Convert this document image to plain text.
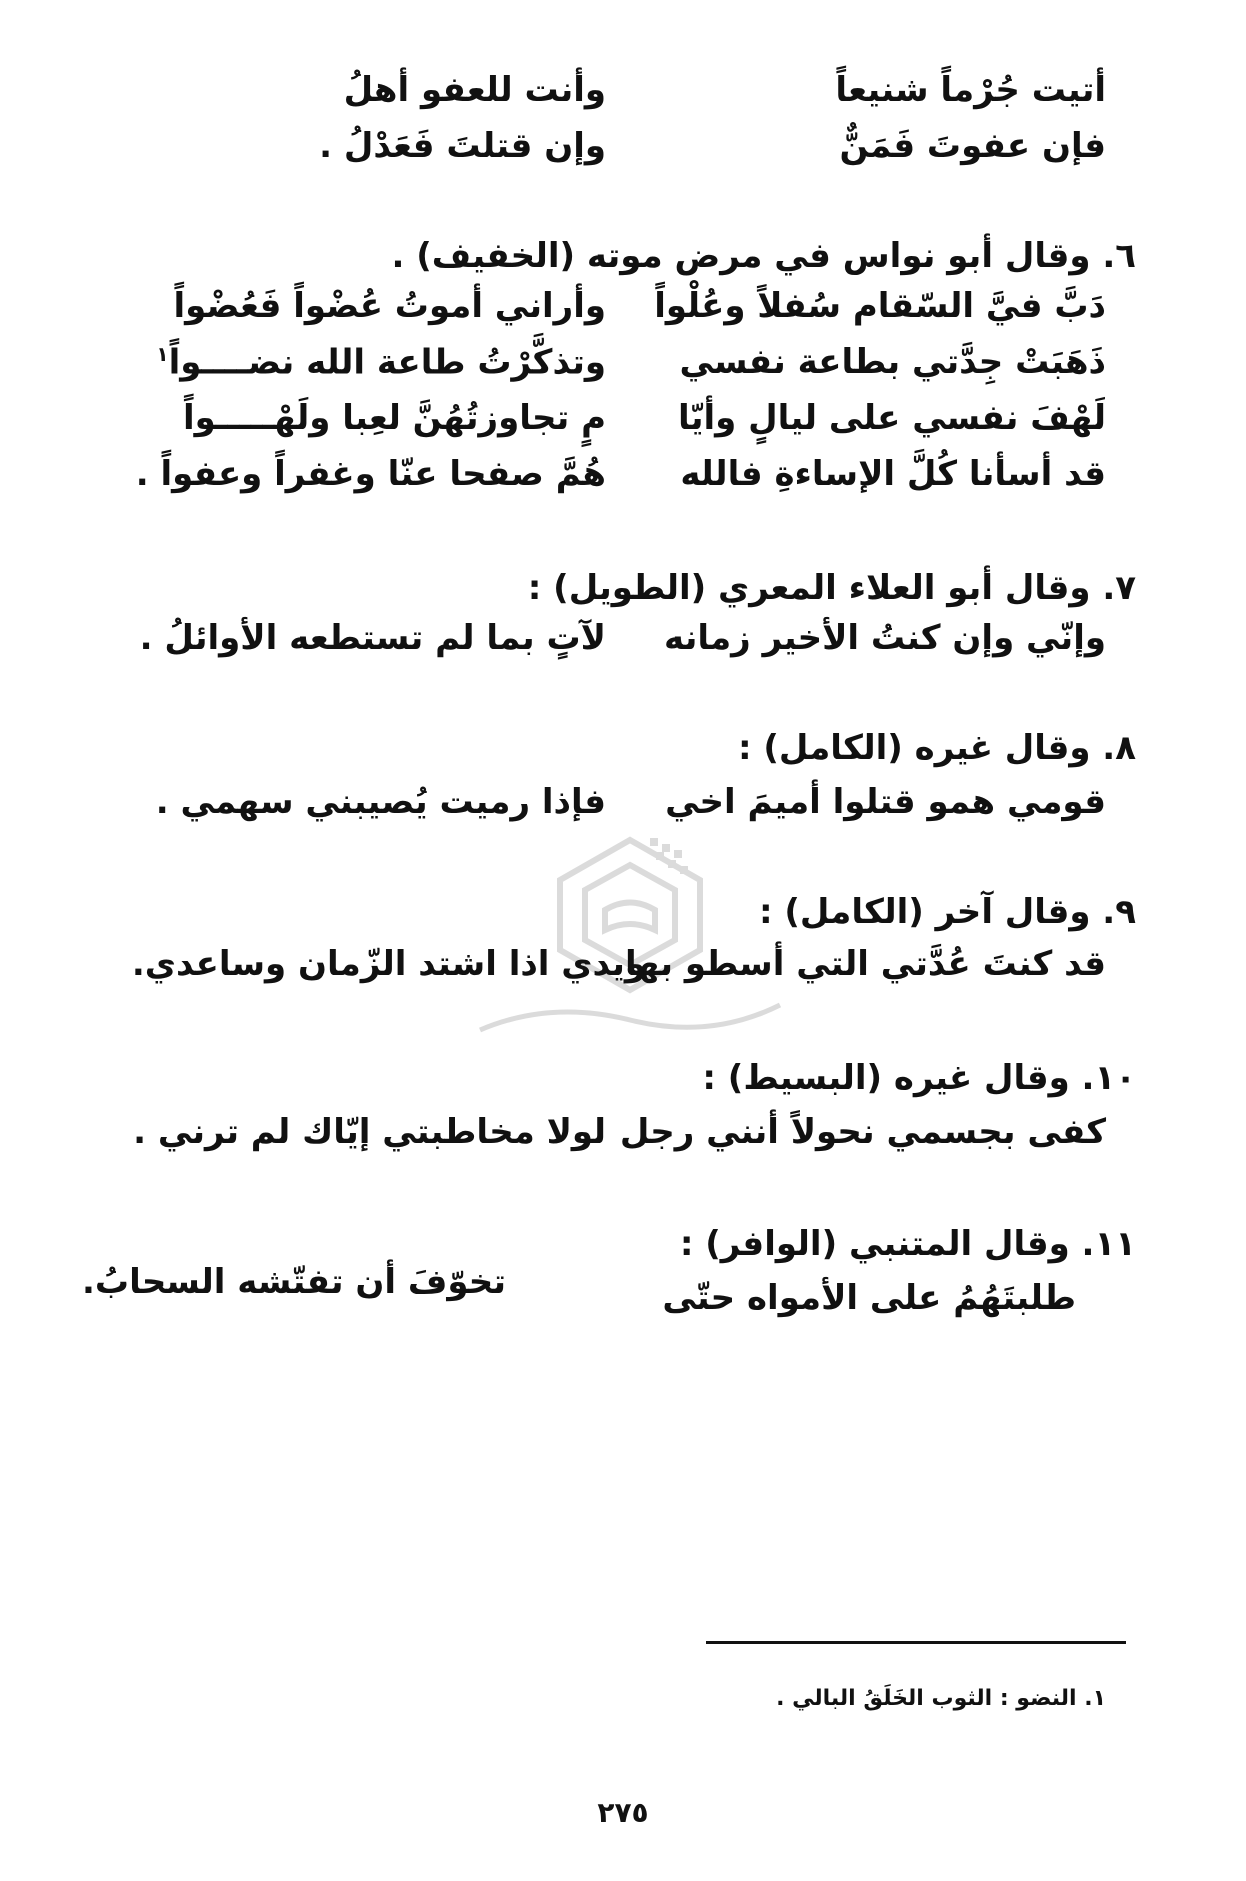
أتيت جُرْماً شنيعاً
وأنت للعفو أهلُ
فإن عفوتَ فَمَنٌّ
وإن قتلتَ فَعَدْلُ .
٦. وقال أبو نواس في مرض موته (الخفيف) .
دَبَّ فيَّ السّقام سُفلاً وعُلْواً
وأراني أموتُ عُضْواً فَعُضْواً
ذَهَبَتْ جِدَّتي بطاعة نفسي
وتذكَّرْتُ طاعة الله نضــــواً$^١$
لَهْفَ نفسي على ليالٍ وأيّا
مٍ تجاوزتُهُنَّ لعِبا ولَهْـــــواً
قد أسأنا كُلَّ الإساءةِ فالله
هُمَّ صفحا عنّا وغفراً وعفواً .
٧. وقال أبو العلاء المعري (الطويل) :
وإنّي وإن كنتُ الأخير زمانه
لآتٍ بما لم تستطعه الأوائلُ .
٨. وقال غيره (الكامل) :
قومي همو قتلوا أميمَ اخي
فإذا رميت يُصيبني سهمي .
٩. وقال آخر (الكامل) :
قد كنتَ عُدَّتي التي أسطو بها
ويدي اذا اشتد الزّمان وساعدي.
١٠. وقال غيره (البسيط) :
كفى بجسمي نحولاً أنني رجل
لولا مخاطبتي إيّاك لم ترني .
١١. وقال المتنبي (الوافر) :
طلبتَهُمُ على الأمواه حتّى
تخوّفَ أن تفتّشه السحابُ.
١. النضو : الثوب الخَلَقُ البالي .
٢٧٥
